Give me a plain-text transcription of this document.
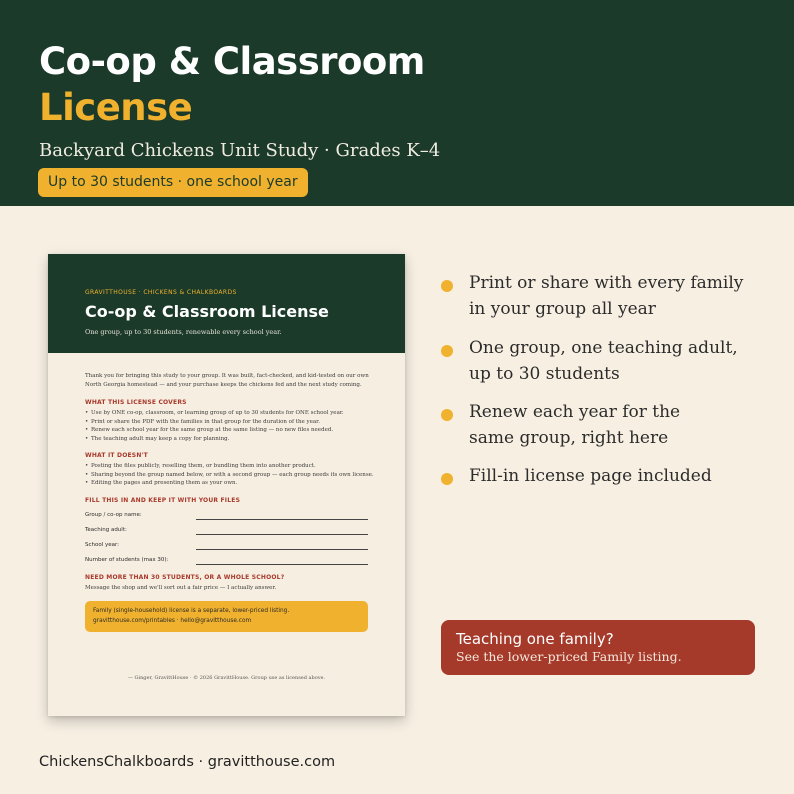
Co-op & Classroom
License
Backyard Chickens Unit Study · Grades K–4
Up to 30 students · one school year
GRAVITTHOUSE · CHICKENS & CHALKBOARDS
Co-op & Classroom License
One group, up to 30 students, renewable every school year.
Thank you for bringing this study to your group. It was built, fact-checked, and kid-tested on our own North Georgia homestead — and your purchase keeps the chickens fed and the next study coming.
WHAT THIS LICENSE COVERS
• Use by ONE co-op, classroom, or learning group of up to 30 students for ONE school year.
• Print or share the PDF with the families in that group for the duration of the year.
• Renew each school year for the same group at the same listing — no new files needed.
• The teaching adult may keep a copy for planning.
WHAT IT DOESN'T
• Posting the files publicly, reselling them, or bundling them into another product.
• Sharing beyond the group named below, or with a second group — each group needs its own license.
• Editing the pages and presenting them as your own.
FILL THIS IN AND KEEP IT WITH YOUR FILES
Group / co-op name:
Teaching adult:
School year:
Number of students (max 30):
NEED MORE THAN 30 STUDENTS, OR A WHOLE SCHOOL?
Message the shop and we'll sort out a fair price — I actually answer.
Family (single-household) license is a separate, lower-priced listing.
gravitthouse.com/printables · hello@gravitthouse.com
— Ginger, GravittHouse · © 2026 GravittHouse. Group use as licensed above.
Print or share with every family
in your group all year
One group, one teaching adult,
up to 30 students
Renew each year for the
same group, right here
Fill-in license page included
Teaching one family?
See the lower-priced Family listing.
ChickensChalkboards · gravitthouse.com
